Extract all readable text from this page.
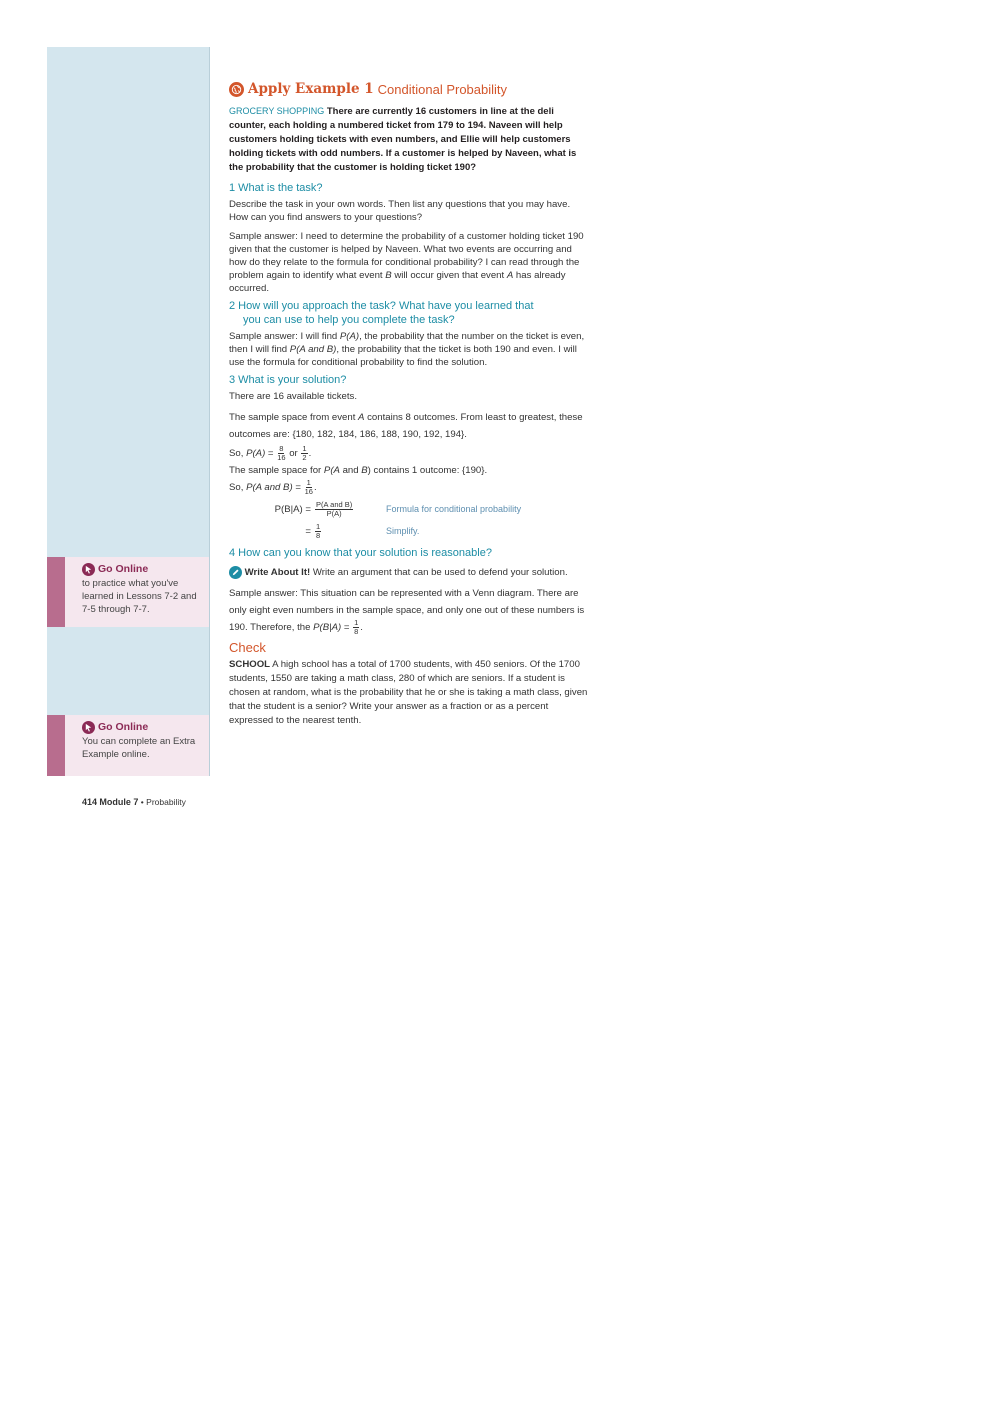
Go Online
to practice what you've learned in Lessons 7-2 and 7-5 through 7-7.
Go Online
You can complete an Extra Example online.
414 Module 7 • Probability
Apply Example 1 Conditional Probability

GROCERY SHOPPING There are currently 16 customers in line at the deli counter, each holding a numbered ticket from 179 to 194. Naveen will help customers holding tickets with even numbers, and Ellie will help customers holding tickets with odd numbers. If a customer is helped by Naveen, what is the probability that the customer is holding ticket 190?

1 What is the task?

Describe the task in your own words. Then list any questions that you may have. How can you find answers to your questions?

Sample answer: I need to determine the probability of a customer holding ticket 190 given that the customer is helped by Naveen. What two events are occurring and how do they relate to the formula for conditional probability? I can read through the problem again to identify what event B will occur given that event A has already occurred.

2 How will you approach the task? What have you learned that
you can use to help you complete the task?

Sample answer: I will find P(A), the probability that the number on the ticket is even, then I will find P(A and B), the probability that the ticket is both 190 and even. I will use the formula for conditional probability to find the solution.

3 What is your solution?

There are 16 available tickets.

The sample space from event A contains 8 outcomes. From least to greatest, these outcomes are: {180, 182, 184, 186, 188, 190, 192, 194}.

So, $P(A) = \frac{8}{16}$ or $\frac{1}{2}$ .

The sample space for P(A and B) contains 1 outcome: {190}.

So, P(A and $B) = \frac{1}{16}$ .

$P(B|A) = \frac{\text{P(A and B)}}{P(A)}$	Formula for conditional probability
= $\frac{1}{8}$	Simplify.
4 How can you know that your solution is reasonable?

Write About It! Write an argument that can be used to defend your solution.

Sample answer: This situation can be represented with a Venn diagram. There are only eight even numbers in the sample space, and only one out of these numbers is 190. Therefore, the $P(B|A) = \frac{1}{8}$ .

Check

SCHOOL A high school has a total of 1700 students, with 450 seniors. Of the 1700 students, 1550 are taking a math class, 280 of which are seniors. If a student is chosen at random, what is the probability that he or she is taking a math class, given that the student is a senior? Write your answer as a fraction or as a percent expressed to the nearest tenth.
